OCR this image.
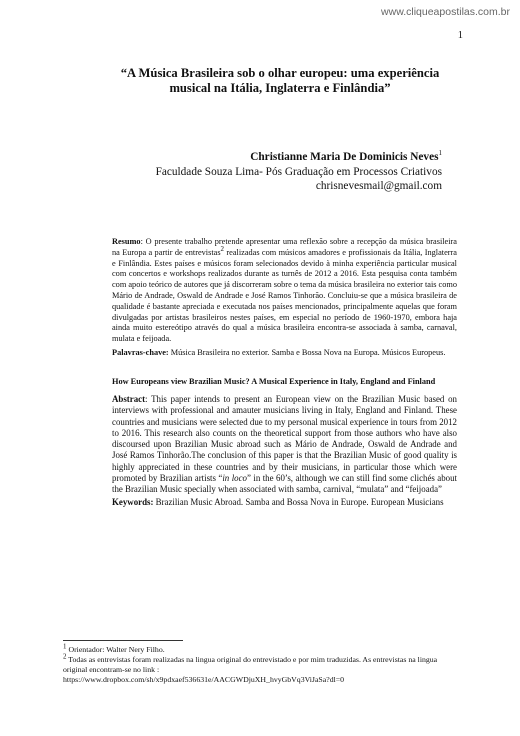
www.cliqueapostilas.com.br
1
“A Música Brasileira sob o olhar europeu: uma experiência
musical na Itália, Inglaterra e Finlândia”
Christianne Maria De Dominicis Neves$^1$
Faculdade Souza Lima- Pós Graduação em Processos Criativos
chrisnevesmail@gmail.com
Resumo: O presente trabalho pretende apresentar uma reflexão sobre a recepção da música brasileira na Europa a partir de entrevistas$^2$ realizadas com músicos amadores e profissionais da Itália, Inglaterra e Finlândia. Estes países e músicos foram selecionados devido à minha experiência particular musical com concertos e workshops realizados durante as turnês de 2012 a 2016. Esta pesquisa conta também com apoio teórico de autores que já discorreram sobre o tema da música brasileira no exterior tais como Mário de Andrade, Oswald de Andrade e José Ramos Tinhorão. Concluiu-se que a música brasileira de qualidade é bastante apreciada e executada nos países mencionados, principalmente aquelas que foram divulgadas por artistas brasileiros nestes países, em especial no período de 1960-1970, embora haja ainda muito estereótipo através do qual a música brasileira encontra-se associada à samba, carnaval, mulata e feijoada.
Palavras-chave: Música Brasileira no exterior. Samba e Bossa Nova na Europa. Músicos Europeus.
How Europeans view Brazilian Music? A Musical Experience in Italy, England and Finland
Abstract: This paper intends to present an European view on the Brazilian Music based on interviews with professional and amauter musicians living in Italy, England and Finland. These countries and musicians were selected due to my personal musical experience in tours from 2012 to 2016. This research also counts on the theoretical support from those authors who have also discoursed upon Brazilian Music abroad such as Mário de Andrade, Oswald de Andrade and José Ramos Tinhorão.The conclusion of this paper is that the Brazilian Music of good quality is highly appreciated in these countries and by their musicians, in particular those which were promoted by Brazilian artists “in loco” in the 60’s, although we can still find some clichés about the Brazilian Music specially when associated with samba, carnival, “mulata” and “feijoada”
Keywords: Brazilian Music Abroad. Samba and Bossa Nova in Europe. European Musicians
$^1$ Orientador: Walter Nery Filho.
$^2$ Todas as entrevistas foram realizadas na lingua original do entrevistado e por mim traduzidas. As entrevistas na lingua original encontram-se no link :
https://www.dropbox.com/sh/x9pdxaef536631e/AACGWDjuXH_hvyGbVq3ViJaSa?dl=0
